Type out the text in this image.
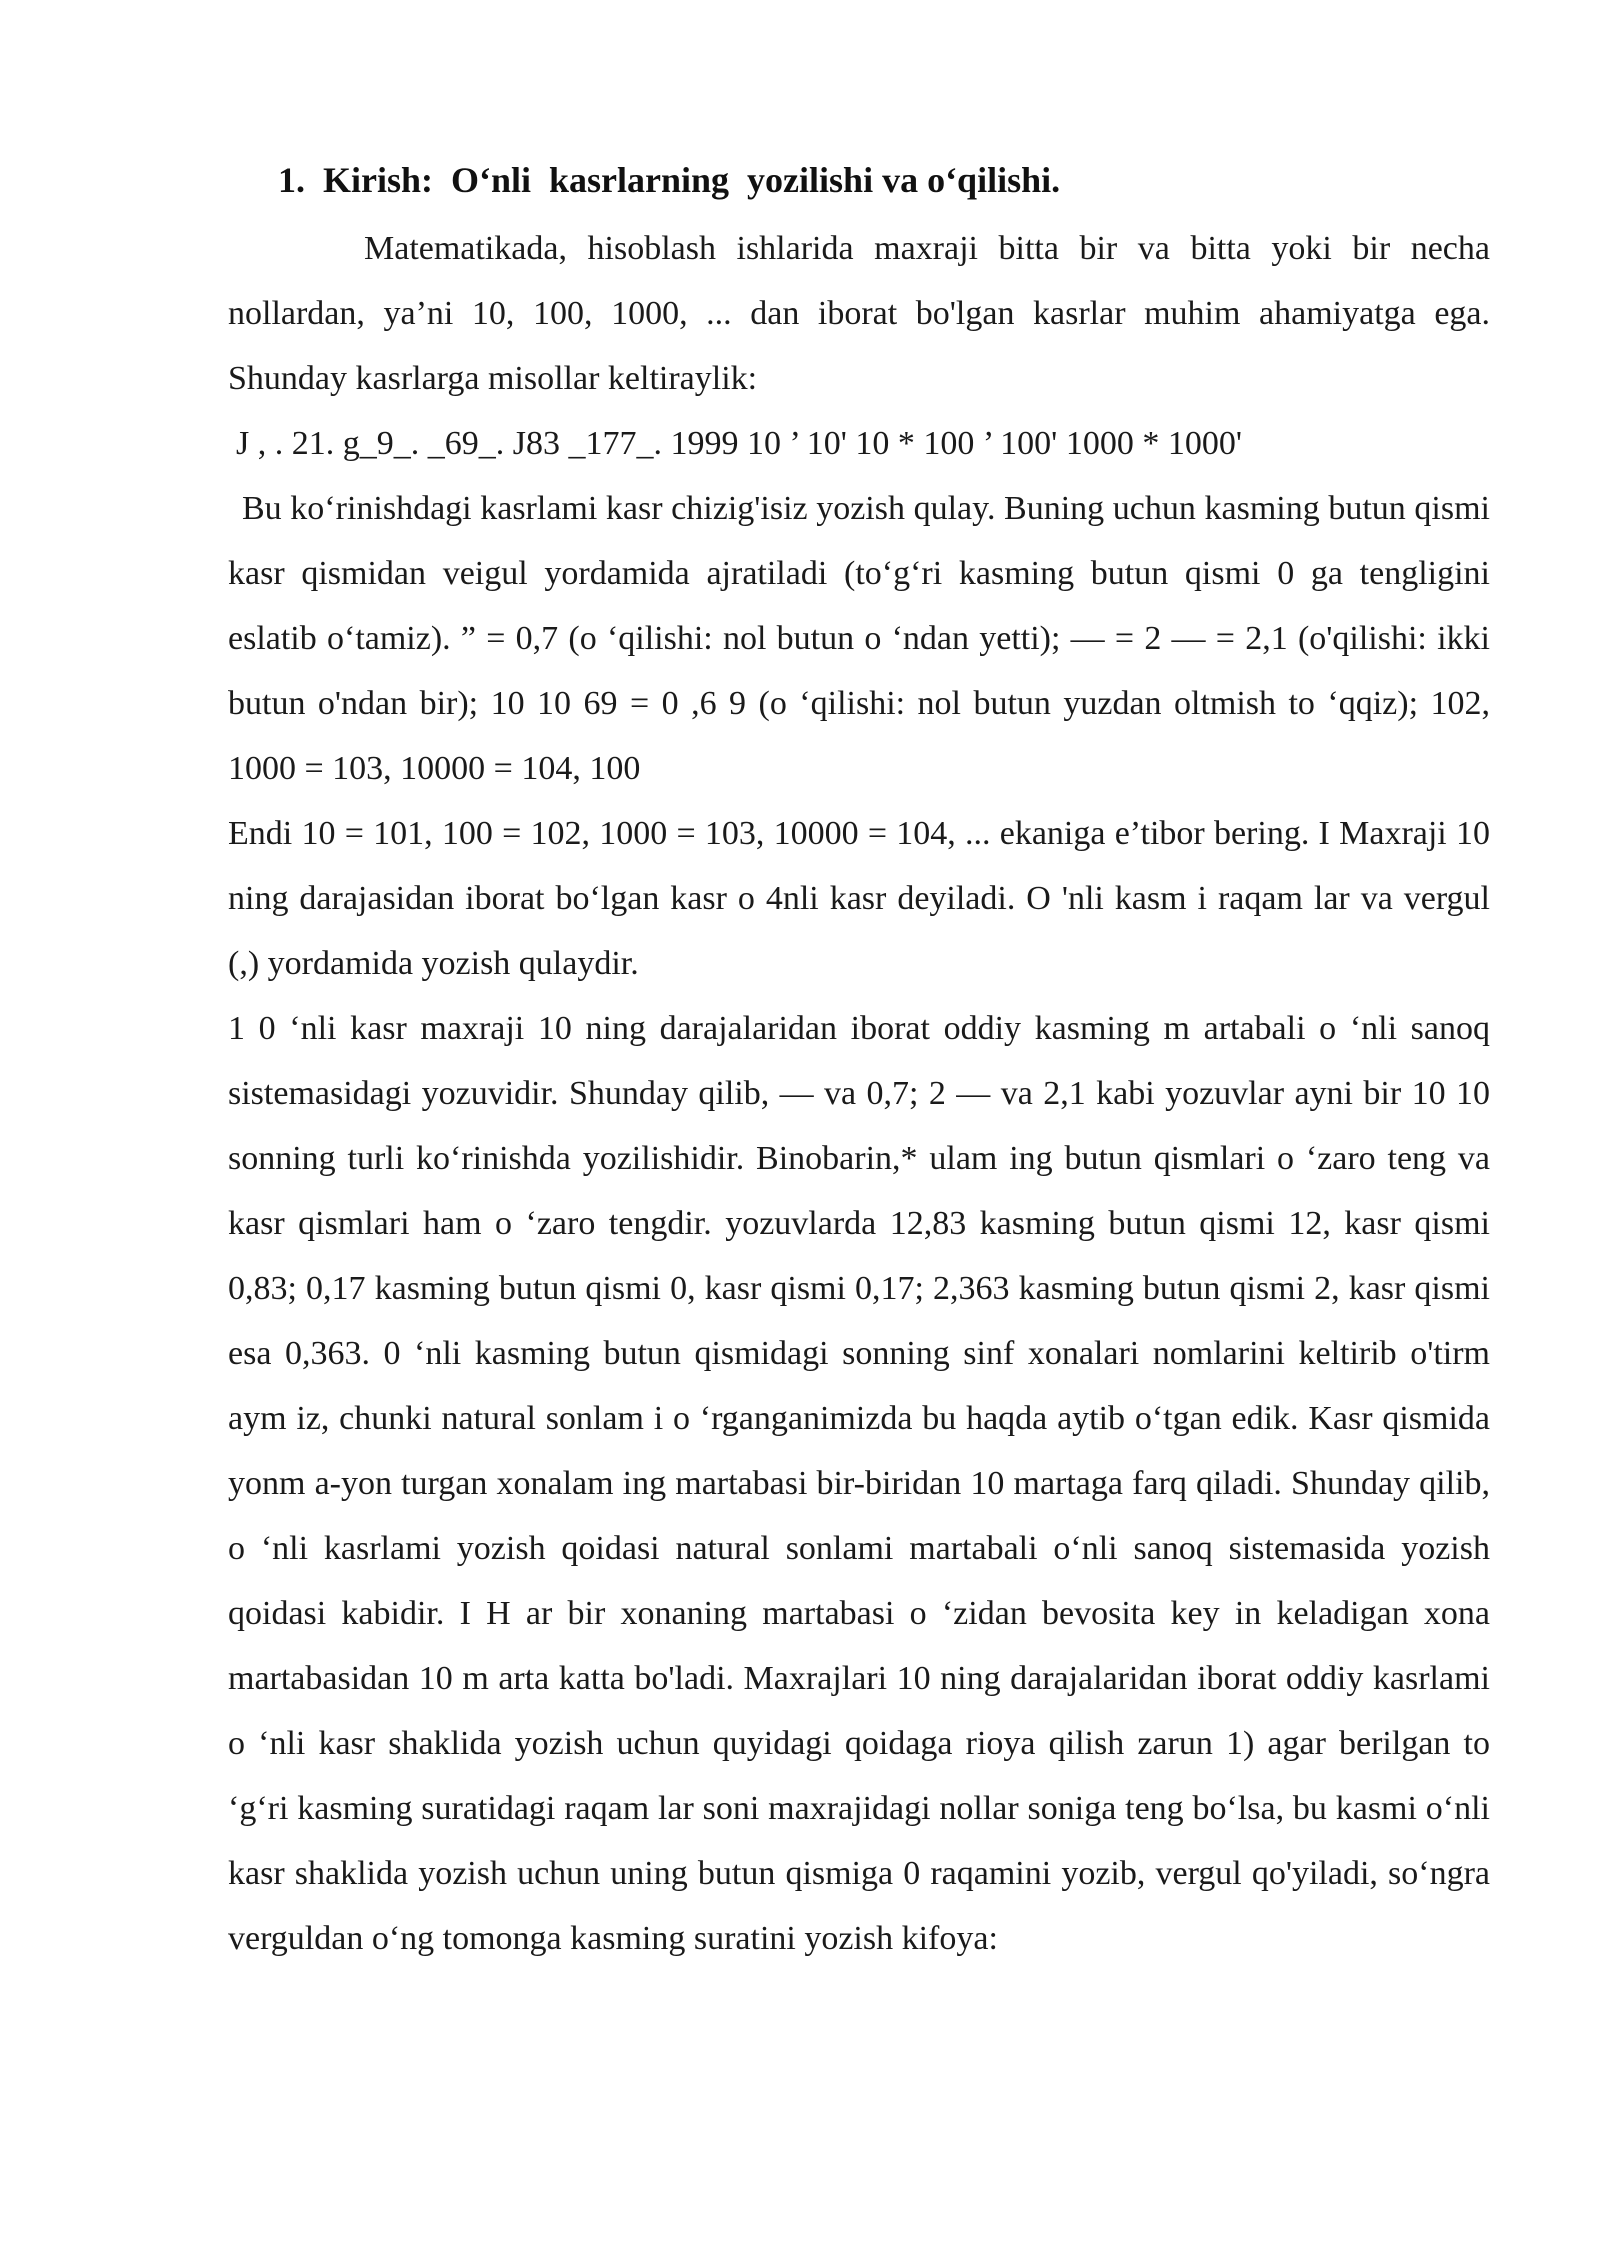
1.  Kirish:  O‘nli  kasrlarning  yozilishi va o‘qilishi.

Matematikada, hisoblash ishlarida maxraji bitta bir va bitta yoki bir necha nollardan, ya’ni 10, 100, 1000, ... dan iborat bo'lgan kasrlar muhim ahamiyatga ega. Shunday kasrlarga misollar keltiraylik:

J , . 21. g_9_. _69_. J83 _177_. 1999 10 ’ 10' 10 * 100 ’ 100' 1000 * 1000'

Bu ko‘rinishdagi kasrlami kasr chizig'isiz yozish qulay. Buning uchun kasming butun qismi kasr qismidan veigul yordamida ajratiladi (to‘g‘ri kasming butun qismi 0 ga tengligini eslatib o‘tamiz). ” = 0,7 (o ‘qilishi: nol butun o ‘ndan yetti); — = 2 — = 2,1 (o'qilishi: ikki butun o'ndan bir); 10 10 69 = 0 ,6 9 (o ‘qilishi: nol butun yuzdan oltmish to ‘qqiz); 102, 1000 = 103, 10000 = 104, 100

Endi 10 = 101, 100 = 102, 1000 = 103, 10000 = 104, ... ekaniga e’tibor bering. I Maxraji 10 ning darajasidan iborat bo‘lgan kasr o 4nli kasr deyiladi. O 'nli kasm i raqam lar va vergul (,) yordamida yozish qulaydir.

1 0 ‘nli kasr maxraji 10 ning darajalaridan iborat oddiy kasming m artabali o ‘nli sanoq sistemasidagi yozuvidir. Shunday qilib, — va 0,7; 2 — va 2,1 kabi yozuvlar ayni bir 10 10 sonning turli ko‘rinishda yozilishidir. Binobarin,* ulam ing butun qismlari o ‘zaro teng va kasr qismlari ham o ‘zaro tengdir. yozuvlarda 12,83 kasming butun qismi 12, kasr qismi 0,83; 0,17 kasming butun qismi 0, kasr qismi 0,17; 2,363 kasming butun qismi 2, kasr qismi esa 0,363. 0 ‘nli kasming butun qismidagi sonning sinf xonalari nomlarini keltirib o'tirm aym iz, chunki natural sonlam i o ‘rganganimizda bu haqda aytib o‘tgan edik. Kasr qismida yonm a-yon turgan xonalam ing martabasi bir-biridan 10 martaga farq qiladi. Shunday qilib, o ‘nli kasrlami yozish qoidasi natural sonlami martabali o‘nli sanoq sistemasida yozish qoidasi kabidir. I H ar bir xonaning martabasi o ‘zidan bevosita key in keladigan xona martabasidan 10 m arta katta bo'ladi. Maxrajlari 10 ning darajalaridan iborat oddiy kasrlami o ‘nli kasr shaklida yozish uchun quyidagi qoidaga rioya qilish zarun 1) agar berilgan to ‘g‘ri kasming suratidagi raqam lar soni maxrajidagi nollar soniga teng bo‘lsa, bu kasmi o‘nli kasr shaklida yozish uchun uning butun qismiga 0 raqamini yozib, vergul qo'yiladi, so‘ngra verguldan o‘ng tomonga kasming suratini yozish kifoya:
